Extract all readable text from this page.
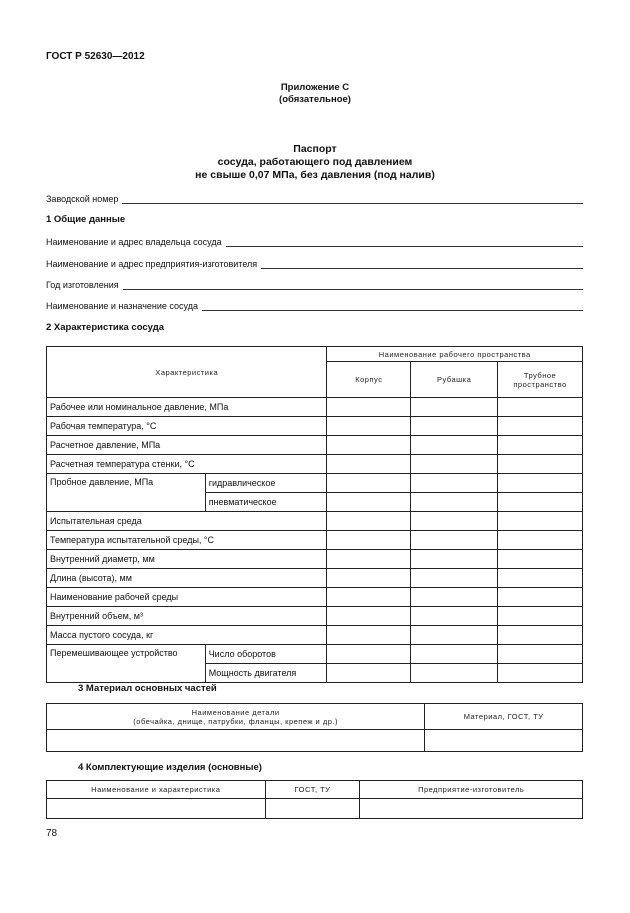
ГОСТ Р 52630—2012
Приложение С
(обязательное)
Паспорт
сосуда, работающего под давлением
не свыше 0,07 МПа, без давления (под налив)
Заводской номер
1 Общие данные
Наименование и адрес владельца сосуда
Наименование и адрес предприятия-изготовителя
Год изготовления
Наименование и назначение сосуда
2 Характеристика сосуда
Характеристика		Наименование рабочего пространства		
		Корпус	Рубашка	Трубное пространство
Рабочее или номинальное давление, МПа				
Рабочая температура, °С				
Расчетное давление, МПа				
Расчетная температура стенки, °С				
Пробное давление, МПа	гидравлическое			
	пневматическое			
Испытательная среда				
Температура испытательной среды, °С				
Внутренний диаметр, мм				
Длина (высота), мм				
Наименование рабочей среды				
Внутренний объем, м³				
Масса пустого сосуда, кг				
Перемешивающее устройство	Число оборотов			
	Мощность двигателя			
3 Материал основных частей
Наименование детали
(обечайка, днище, патрубки, фланцы, крепеж и др.)	Материал, ГОСТ, ТУ

4 Комплектующие изделия (основные)
Наименование и характеристика	ГОСТ, ТУ	Предприятие-изготовитель

78
